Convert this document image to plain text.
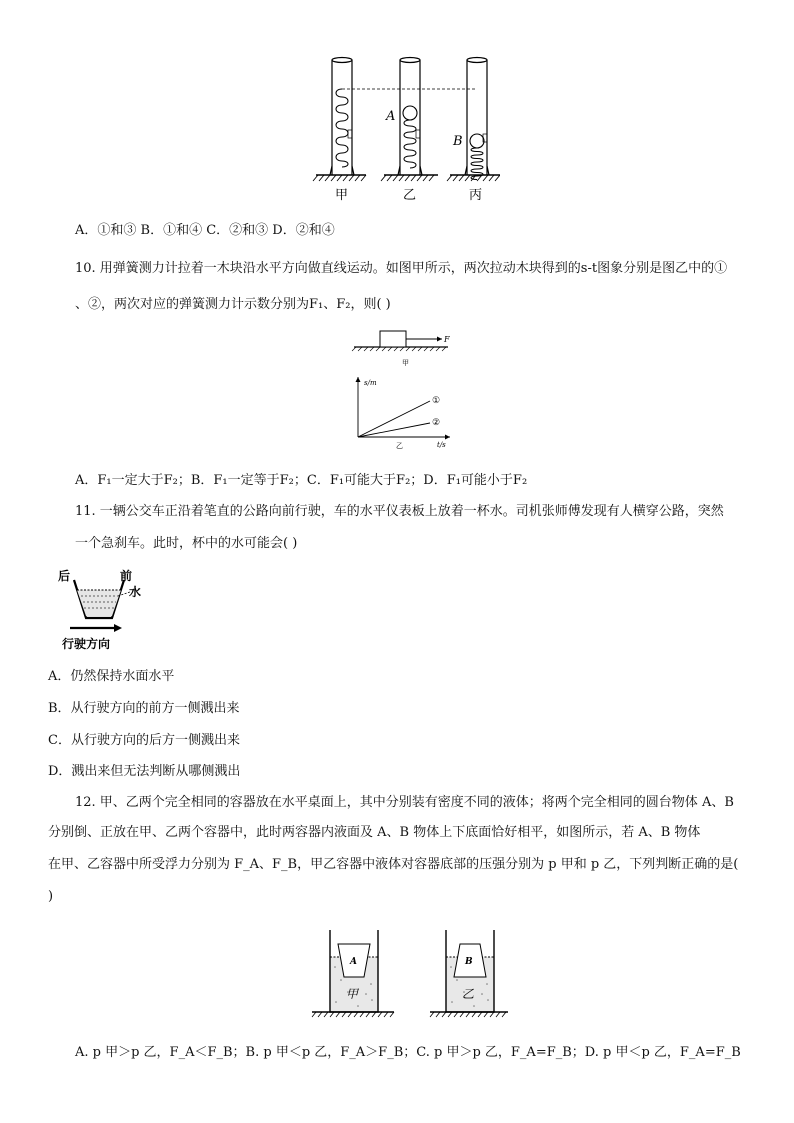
A
B
甲	乙	丙
A．①和③ B．①和④ C．②和③ D．②和④
10. 用弹簧测力计拉着一木块沿水平方向做直线运动。如图甲所示，两次拉动木块得到的s-t图象分别是图乙中的①
、②，两次对应的弹簧测力计示数分别为F₁、F₂，则( )
F
甲
s/m
t/s
①
②
乙
A．F₁一定大于F₂；B．F₁一定等于F₂；C．F₁可能大于F₂；D．F₁可能小于F₂
11. 一辆公交车正沿着笔直的公路向前行驶，车的水平仪表板上放着一杯水。司机张师傅发现有人横穿公路，突然
一个急刹车。此时，杯中的水可能会( )
后	前
水
行驶方向
A．仍然保持水面水平
B．从行驶方向的前方一侧溅出来
C．从行驶方向的后方一侧溅出来
D．溅出来但无法判断从哪侧溅出
12. 甲、乙两个完全相同的容器放在水平桌面上，其中分别装有密度不同的液体；将两个完全相同的圆台物体 A、B
分别倒、正放在甲、乙两个容器中，此时两容器内液面及 A、B 物体上下底面恰好相平，如图所示，若 A、B 物体
在甲、乙容器中所受浮力分别为 F_A、F_B，甲乙容器中液体对容器底部的压强分别为 p 甲和 p 乙，下列判断正确的是(
)
A
甲
B
乙
A. p 甲＞p 乙，F_A＜F_B；B. p 甲＜p 乙，F_A＞F_B；C. p 甲＞p 乙，F_A=F_B；D. p 甲＜p 乙，F_A=F_B
